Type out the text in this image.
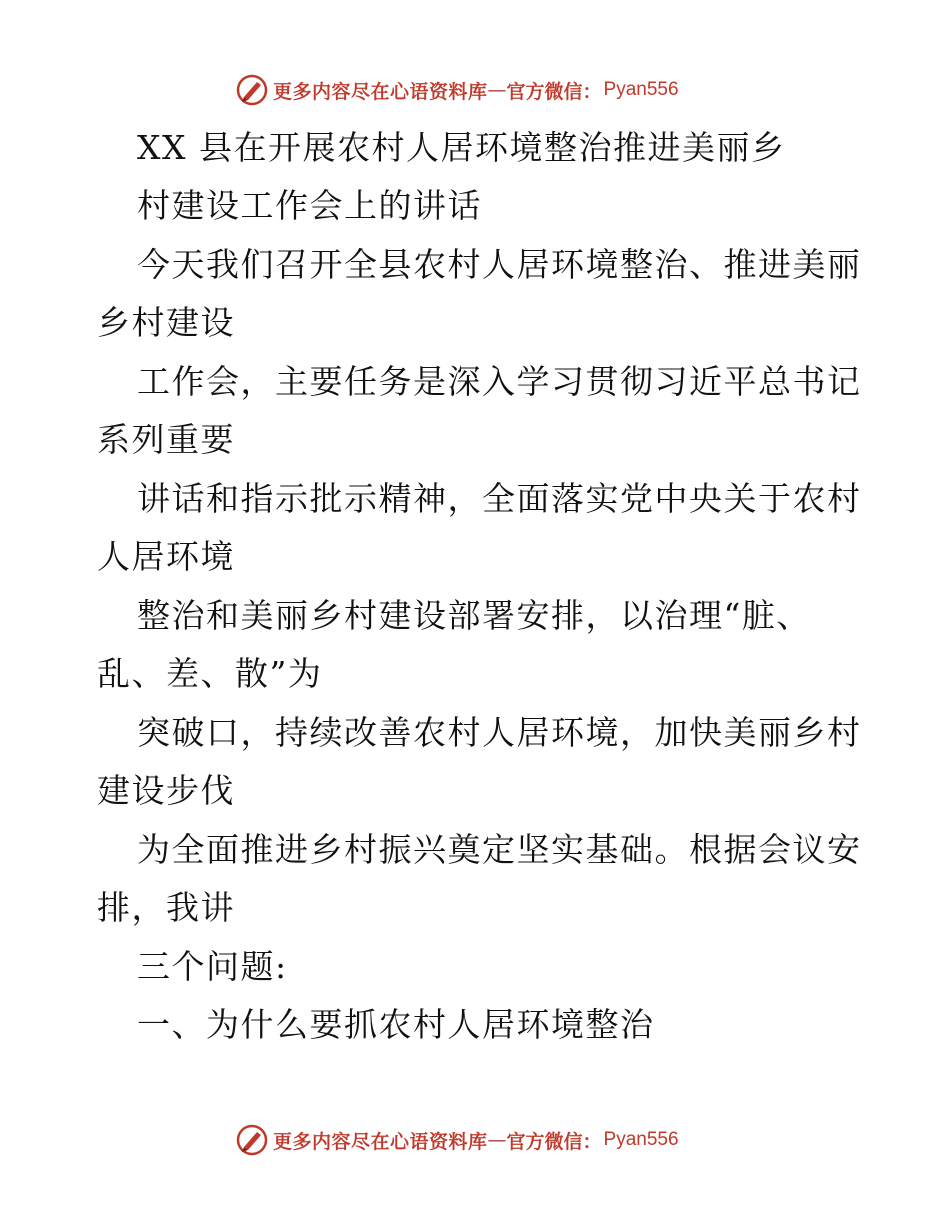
更多内容尽在心语资料库 — 官方微信： Pyan556
XX 县在开展农村人居环境整治推进美丽乡
村建设工作会上的讲话
今天我们召开全县农村人居环境整治、推进美丽
乡村建设
工作会，主要任务是深入学习贯彻习近平总书记
系列重要
讲话和指示批示精神，全面落实党中央关于农村
人居环境
整治和美丽乡村建设部署安排，以治理“脏、
乱、差、散”为
突破口，持续改善农村人居环境，加快美丽乡村
建设步伐
为全面推进乡村振兴奠定坚实基础。根据会议安
排，我讲
三个问题:
一、为什么要抓农村人居环境整治
更多内容尽在心语资料库 — 官方微信： Pyan556
